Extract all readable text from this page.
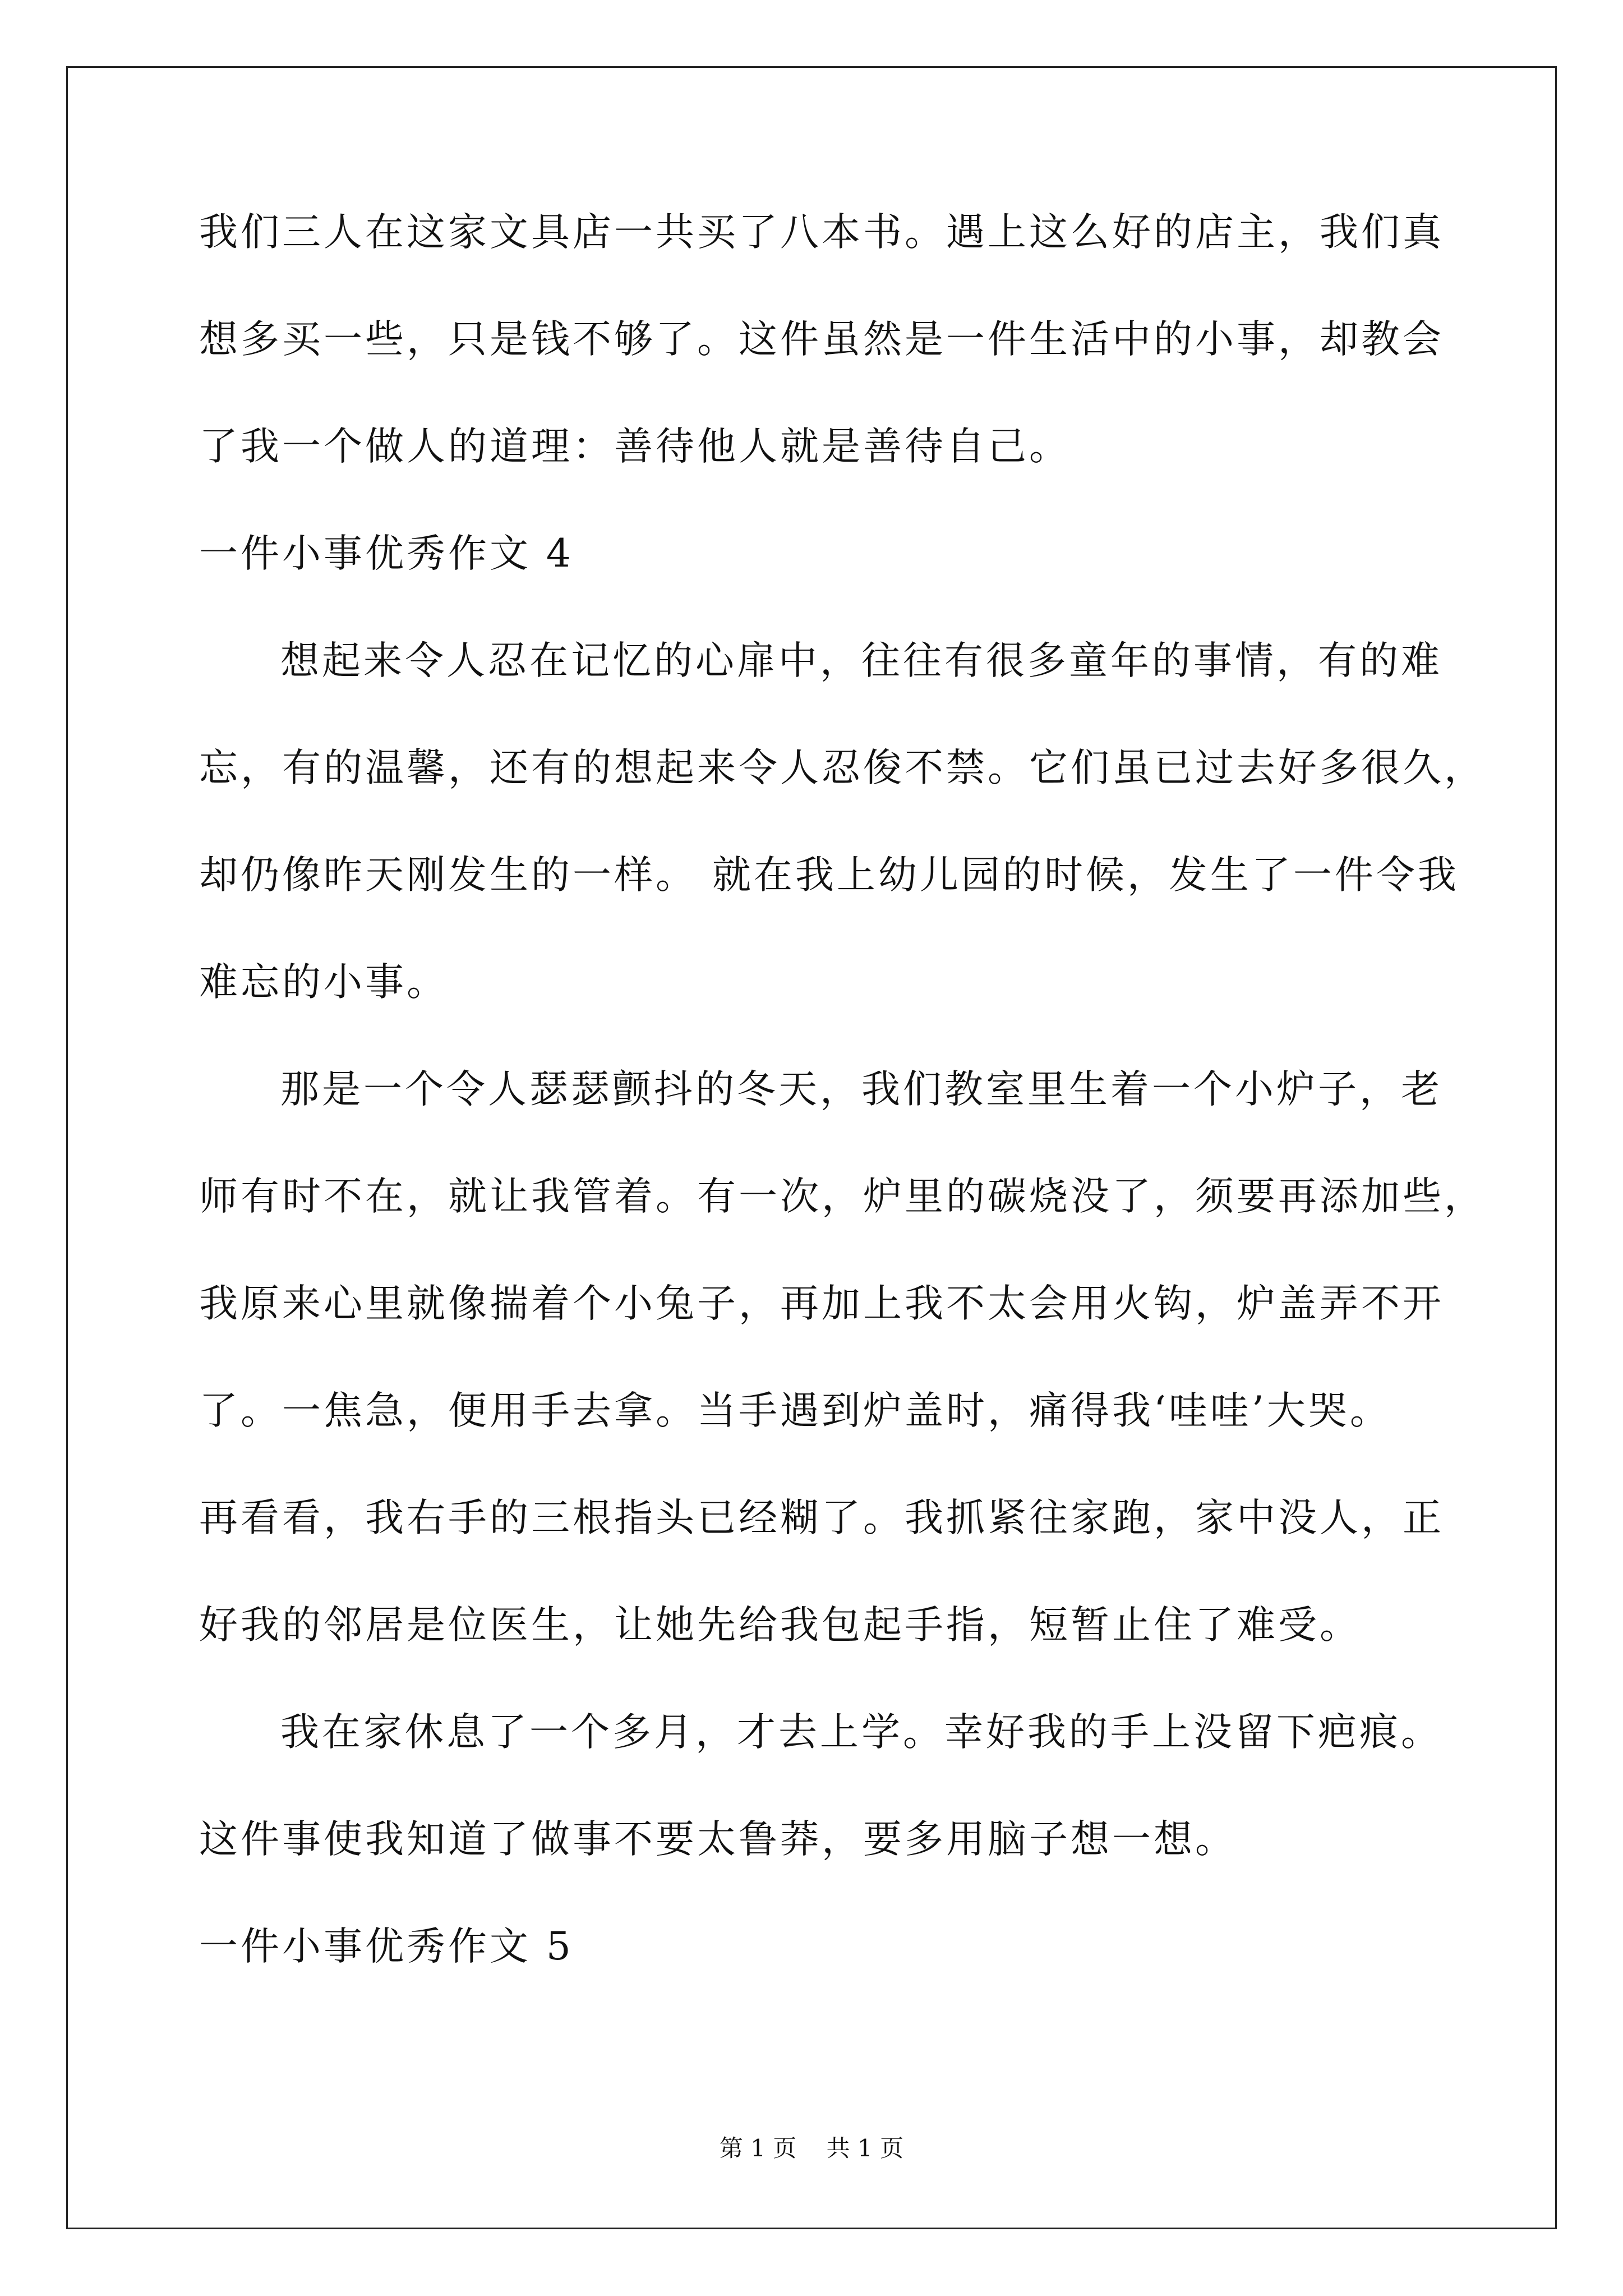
我们三人在这家文具店一共买了八本书。遇上这么好的店主，我们真

想多买一些，只是钱不够了。这件虽然是一件生活中的小事，却教会

了我一个做人的道理：善待他人就是善待自己。

一件小事优秀作文 4

想起来令人忍在记忆的心扉中，往往有很多童年的事情，有的难

忘，有的温馨，还有的想起来令人忍俊不禁。它们虽已过去好多很久，

却仍像昨天刚发生的一样。 就在我上幼儿园的时候，发生了一件令我

难忘的小事。

那是一个令人瑟瑟颤抖的冬天，我们教室里生着一个小炉子，老

师有时不在，就让我管着。有一次，炉里的碳烧没了，须要再添加些，

我原来心里就像揣着个小兔子，再加上我不太会用火钩，炉盖弄不开

了。一焦急，便用手去拿。当手遇到炉盖时，痛得我‘哇哇’大哭。

再看看，我右手的三根指头已经糊了。我抓紧往家跑，家中没人，正

好我的邻居是位医生，让她先给我包起手指，短暂止住了难受。

我在家休息了一个多月，才去上学。幸好我的手上没留下疤痕。

这件事使我知道了做事不要太鲁莽，要多用脑子想一想。

一件小事优秀作文 5

第 1 页 共 1 页
